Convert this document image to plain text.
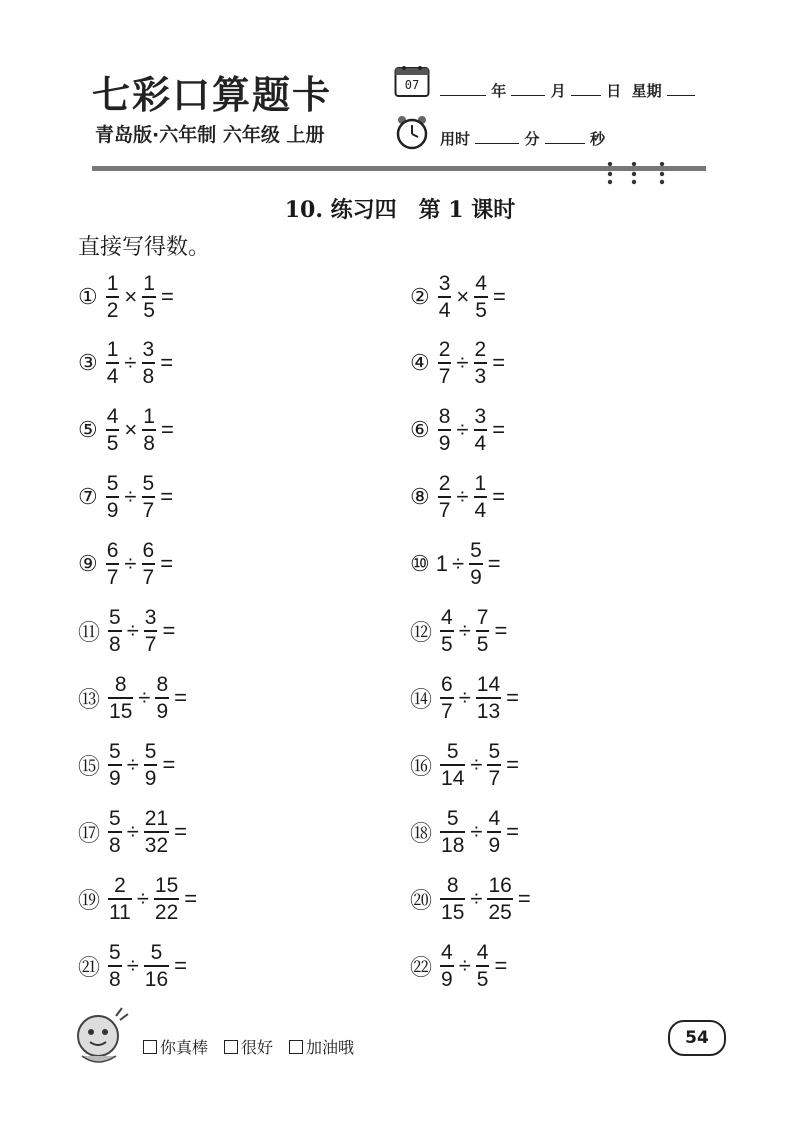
七彩口算题卡
青岛版·六年制 六年级 上册
07	年	月	日 星期
用时	分	秒
10. 练习四　第 1 课时
直接写得数。
① $\frac{1}{2} \times \frac{1}{5}$ =	② $\frac{3}{4} \times \frac{4}{5}$ =
③ $\frac{1}{4} \div \frac{3}{8}$ =	④ $\frac{2}{7} \div \frac{2}{3}$ =
⑤ $\frac{4}{5} \times \frac{1}{8}$ =	⑥ $\frac{8}{9} \div \frac{3}{4}$ =
⑦ $\frac{5}{9} \div \frac{5}{7}$ =	⑧ $\frac{2}{7} \div \frac{1}{4}$ =
⑨ $\frac{6}{7} \div \frac{6}{7}$ =	⑩ $1 \div \frac{5}{9}$ =
⑪ $\frac{5}{8} \div \frac{3}{7}$ =	⑫ $\frac{4}{5} \div \frac{7}{5}$ =
⑬ $\frac{8}{15} \div \frac{8}{9}$ =	⑭ $\frac{6}{7} \div \frac{14}{13}$ =
⑮ $\frac{5}{9} \div \frac{5}{9}$ =	⑯ $\frac{5}{14} \div \frac{5}{7}$ =
⑰ $\frac{5}{8} \div \frac{21}{32}$ =	⑱ $\frac{5}{18} \div \frac{4}{9}$ =
⑲ $\frac{2}{11} \div \frac{15}{22}$ =	⑳ $\frac{8}{15} \div \frac{16}{25}$ =
㉑ $\frac{5}{8} \div \frac{5}{16}$ =	㉒ $\frac{4}{9} \div \frac{4}{5}$ =
你真棒 很好 加油哦	54
